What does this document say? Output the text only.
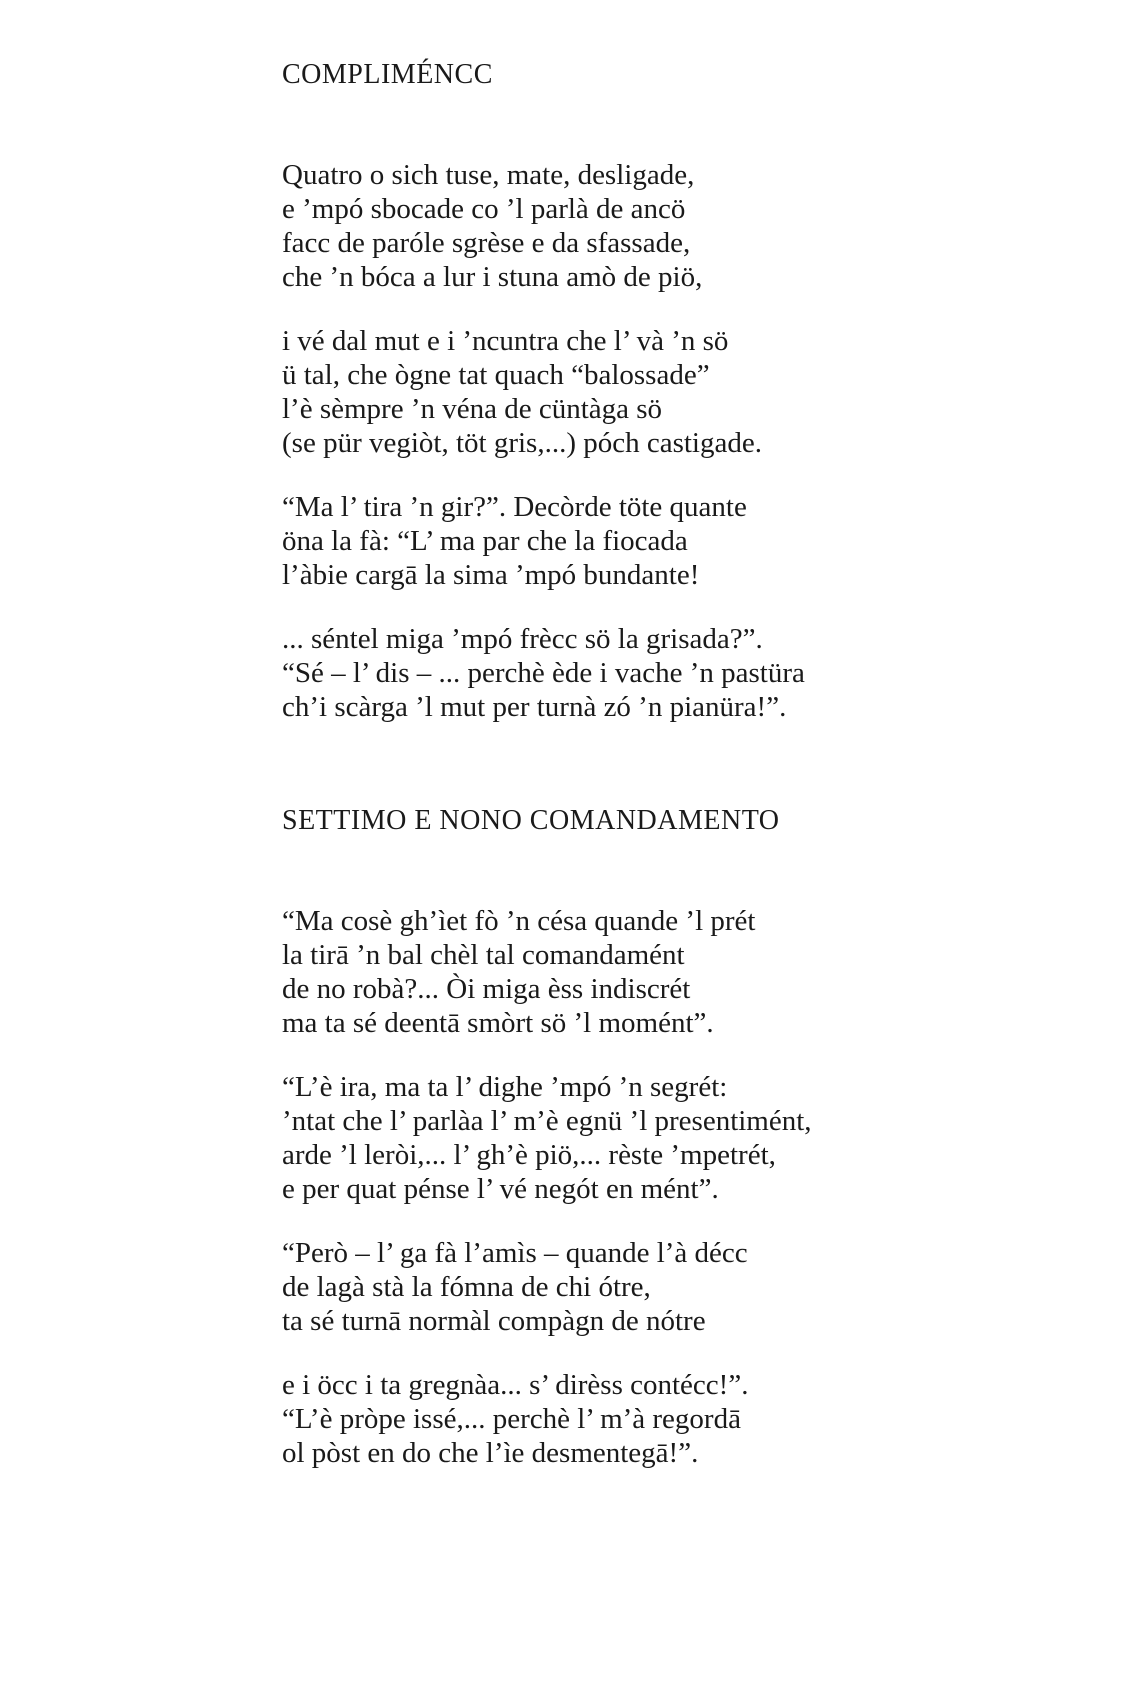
COMPLIMÉNCC

Quatro o sich tuse, mate, desligade,
e ’mpó sbocade co ’l parlà de ancö
facc de paróle sgrèse e da sfassade,
che ’n bóca a lur i stuna amò de piö,

i vé dal mut e i ’ncuntra che l’ và ’n sö
ü tal, che ògne tat quach “balossade”
l’è sèmpre ’n véna de cüntàga sö
(se pür vegiòt, töt gris,...) póch castigade.

“Ma l’ tira ’n gir?”. Decòrde töte quante
öna la fà: “L’ ma par che la fiocada
l’àbie cargā la sima ’mpó bundante!

... séntel miga ’mpó frècc sö la grisada?”.
“Sé – l’ dis – ... perchè ède i vache ’n pastüra
ch’i scàrga ’l mut per turnà zó ’n pianüra!”.

SETTIMO E NONO COMANDAMENTO

“Ma cosè gh’ìet fò ’n césa quande ’l prét
la tirā ’n bal chèl tal comandamént
de no robà?... Òi miga èss indiscrét
ma ta sé deentā smòrt sö ’l momént”.

“L’è ira, ma ta l’ dighe ’mpó ’n segrét:
’ntat che l’ parlàa l’ m’è egnü ’l presentimént,
arde ’l leròi,... l’ gh’è piö,... rèste ’mpetrét,
e per quat pénse l’ vé negót en mént”.

“Però – l’ ga fà l’amìs – quande l’à décc
de lagà stà la fómna de chi ótre,
ta sé turnā normàl compàgn de nótre

e i öcc i ta gregnàa... s’ dirèss contécc!”.
“L’è pròpe issé,... perchè l’ m’à regordā
ol pòst en do che l’ìe desmentegā!”.
